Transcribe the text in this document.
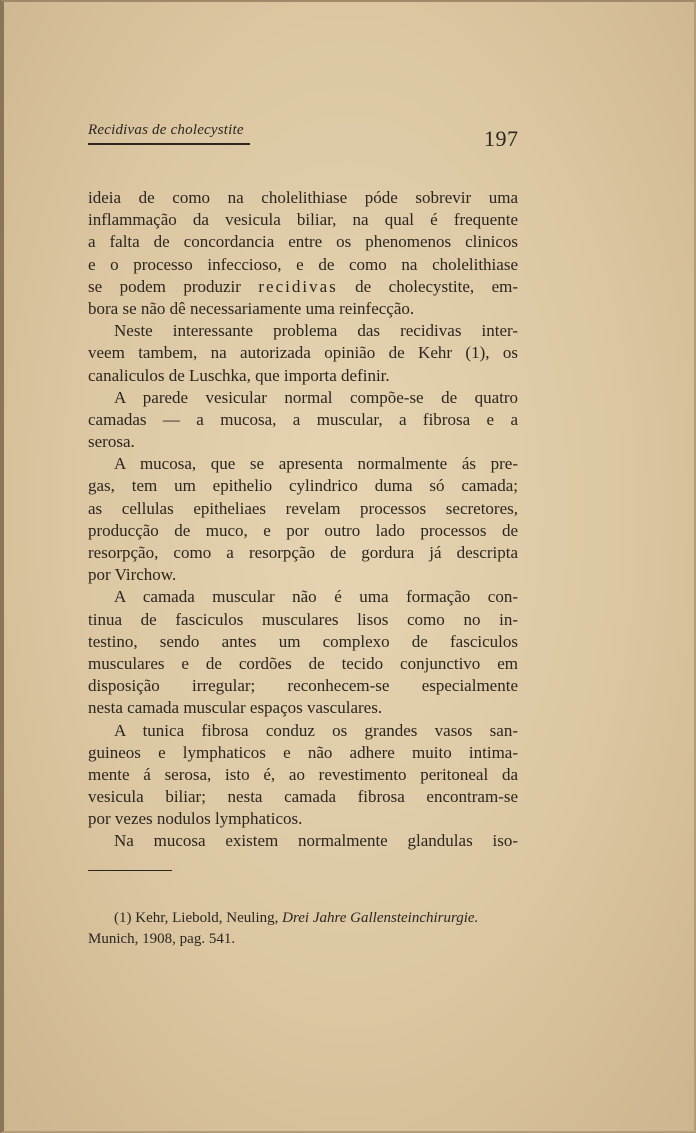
Recidivas de cholecystite	197
ideia de como na cholelithiase póde sobrevir uma
inflammação da vesicula biliar, na qual é frequente
a falta de concordancia entre os phenomenos clinicos
e o processo infeccioso, e de como na cholelithiase
se podem produzir recidivas de cholecystite, em-
bora se não dê necessariamente uma reinfecção.
Neste interessante problema das recidivas inter-
veem tambem, na autorizada opinião de Kehr (1), os
canaliculos de Luschka, que importa definir.
A parede vesicular normal compõe-se de quatro
camadas — a mucosa, a muscular, a fibrosa e a
serosa.
A mucosa, que se apresenta normalmente ás pre-
gas, tem um epithelio cylindrico duma só camada;
as cellulas epitheliaes revelam processos secretores,
producção de muco, e por outro lado processos de
resorpção, como a resorpção de gordura já descripta
por Virchow.
A camada muscular não é uma formação con-
tinua de fasciculos musculares lisos como no in-
testino, sendo antes um complexo de fasciculos
musculares e de cordões de tecido conjunctivo em
disposição irregular; reconhecem-se especialmente
nesta camada muscular espaços vasculares.
A tunica fibrosa conduz os grandes vasos san-
guineos e lymphaticos e não adhere muito intima-
mente á serosa, isto é, ao revestimento peritoneal da
vesicula biliar; nesta camada fibrosa encontram-se
por vezes nodulos lymphaticos.
Na mucosa existem normalmente glandulas iso-
(1) Kehr, Liebold, Neuling, Drei Jahre Gallensteinchirurgie.
Munich, 1908, pag. 541.
